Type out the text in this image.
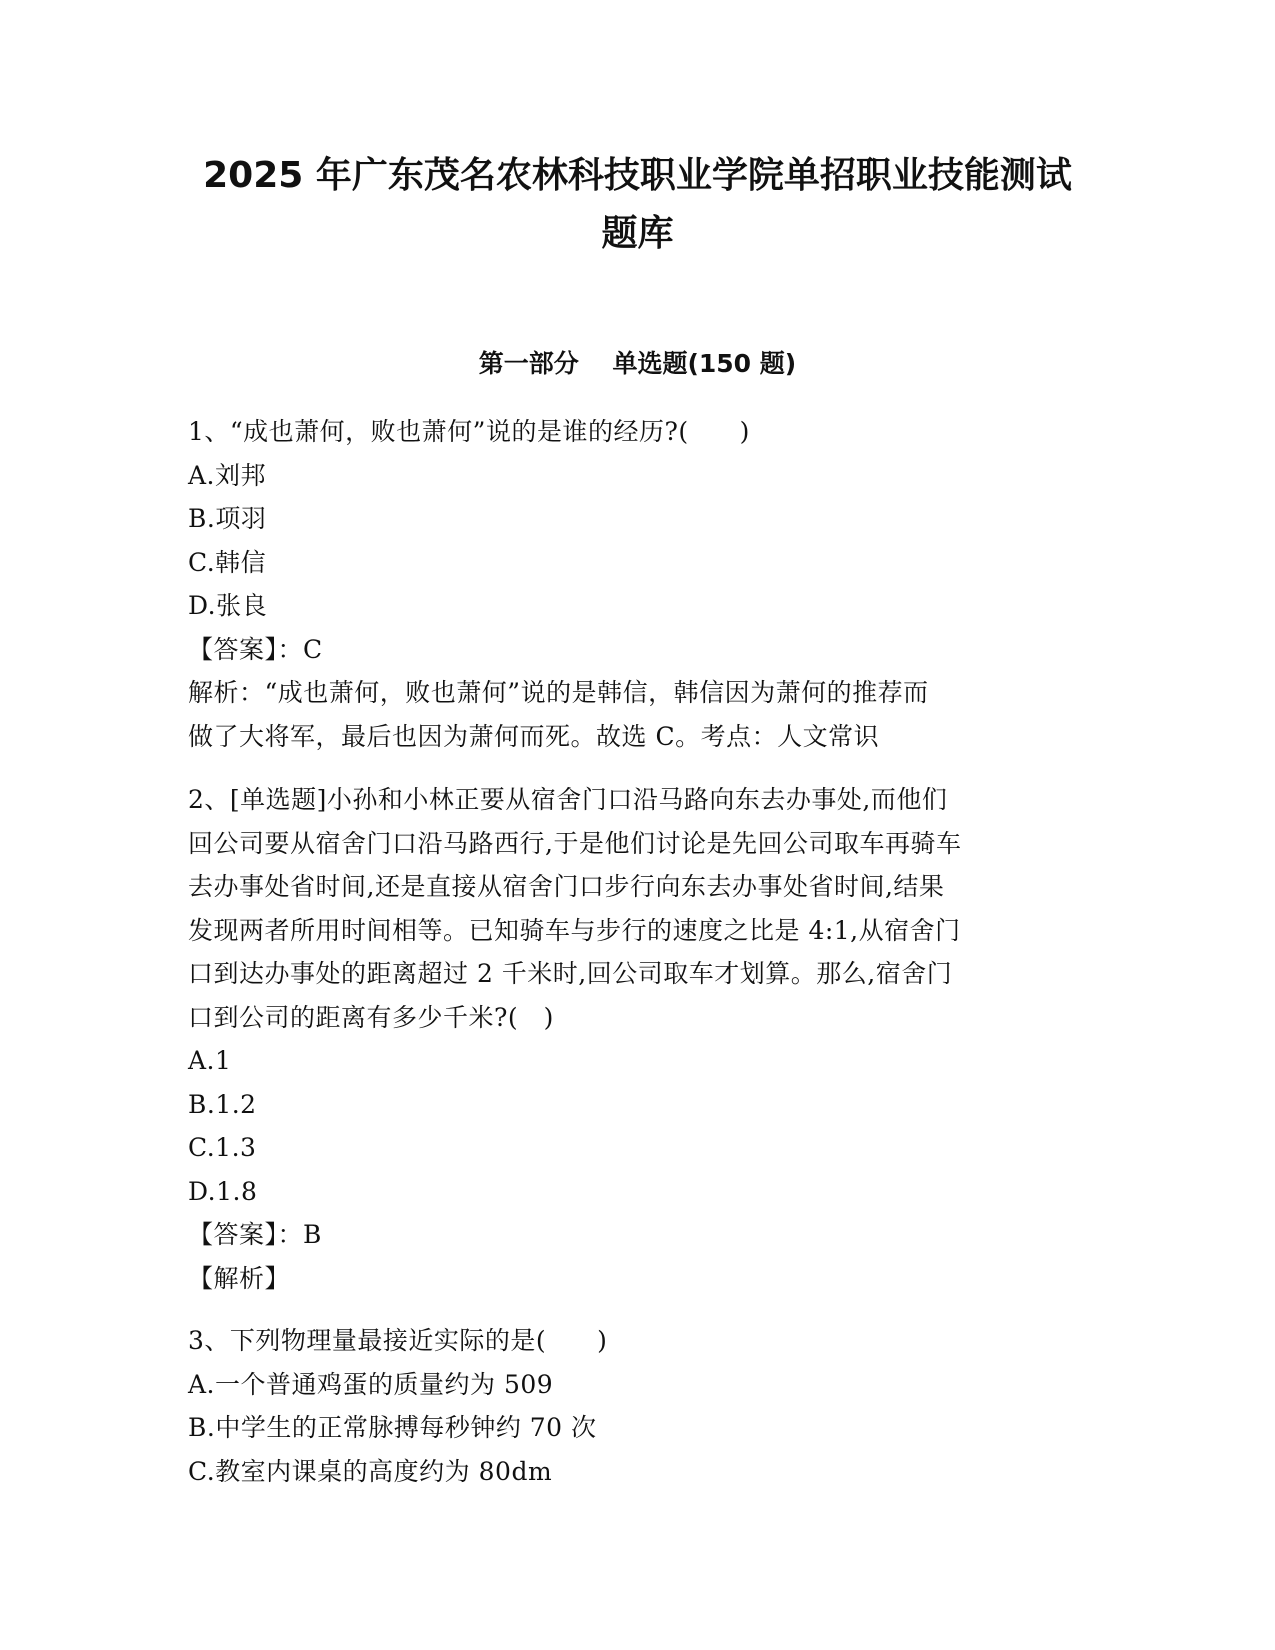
2025 年广东茂名农林科技职业学院单招职业技能测试
题库
第一部分　 单选题(150 题)
1、“成也萧何，败也萧何”说的是谁的经历?(　　)
A.刘邦
B.项羽
C.韩信
D.张良
【答案】：C
解析：“成也萧何，败也萧何”说的是韩信，韩信因为萧何的推荐而
做了大将军，最后也因为萧何而死。故选 C。考点：人文常识
2、[单选题]小孙和小林正要从宿舍门口沿马路向东去办事处,而他们
回公司要从宿舍门口沿马路西行,于是他们讨论是先回公司取车再骑车
去办事处省时间,还是直接从宿舍门口步行向东去办事处省时间,结果
发现两者所用时间相等。已知骑车与步行的速度之比是 4:1,从宿舍门
口到达办事处的距离超过 2 千米时,回公司取车才划算。那么,宿舍门
口到公司的距离有多少千米?(　)
A.1
B.1.2
C.1.3
D.1.8
【答案】：B
【解析】
3、下列物理量最接近实际的是(　　)
A.一个普通鸡蛋的质量约为 509
B.中学生的正常脉搏每秒钟约 70 次
C.教室内课桌的高度约为 80dm
